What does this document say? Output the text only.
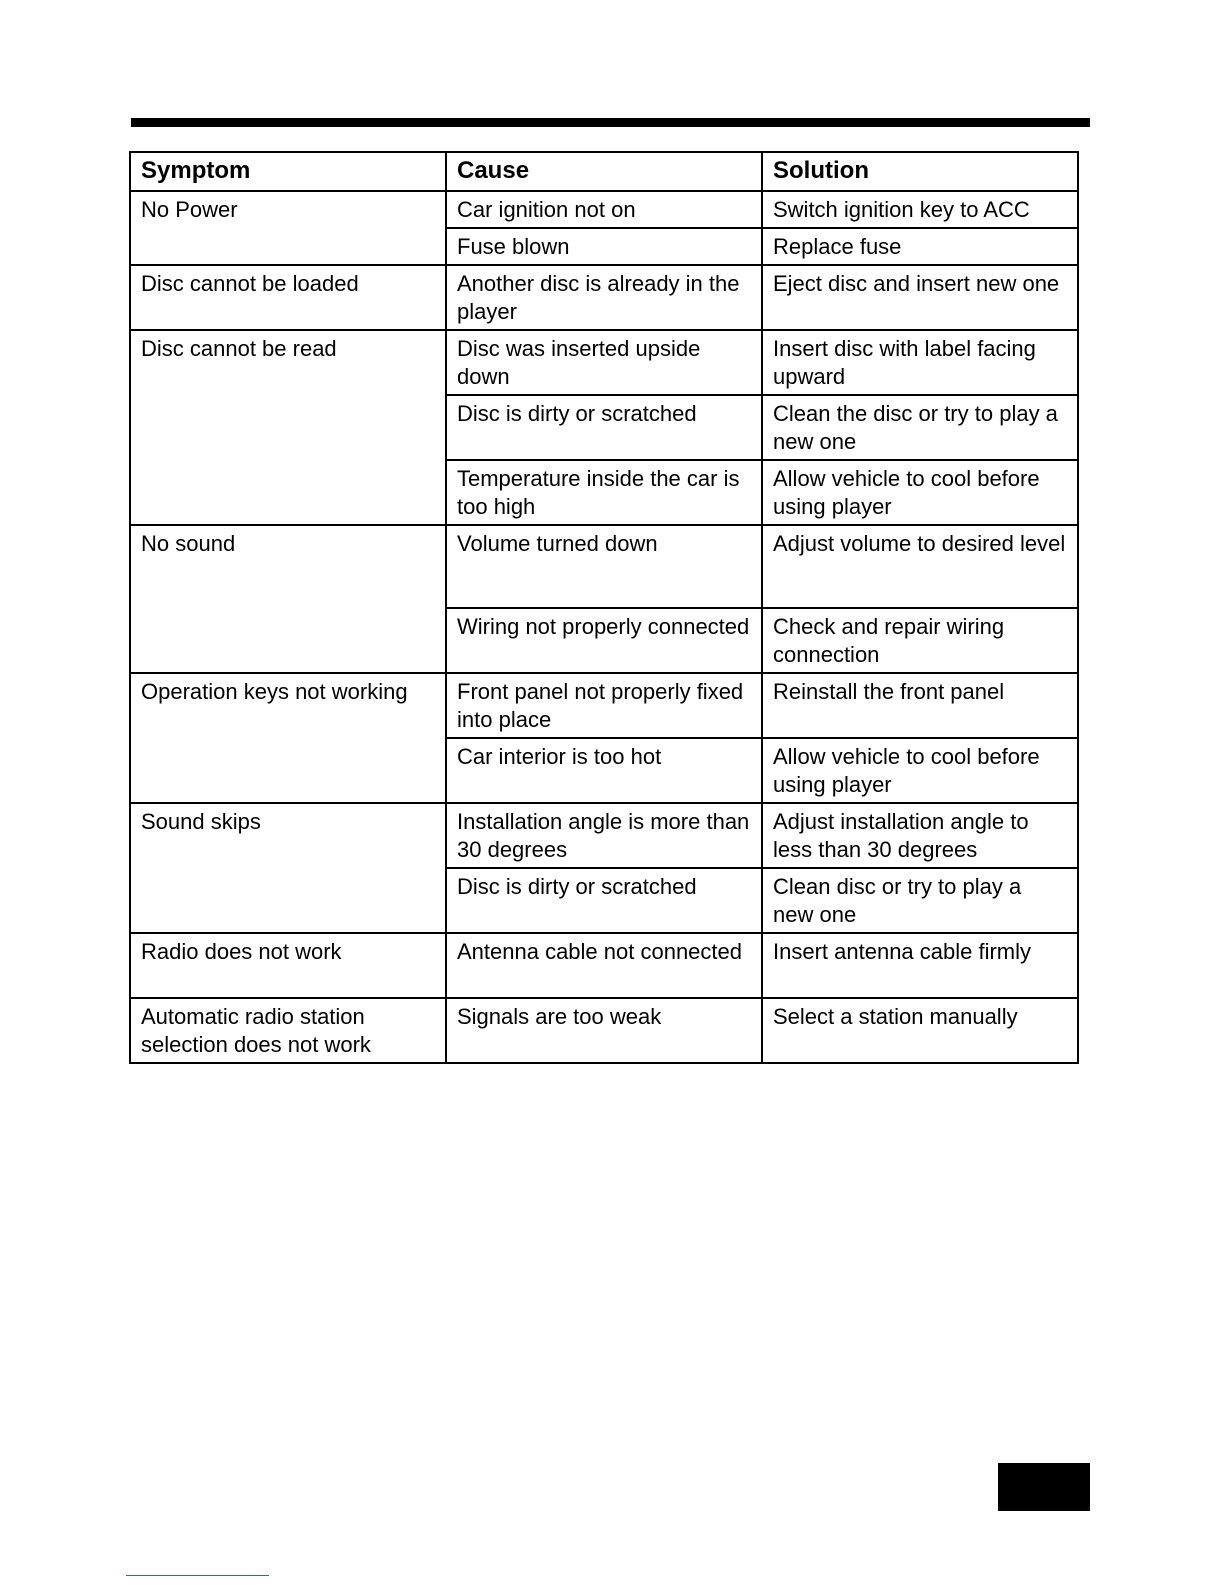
Symptom	Cause	Solution
No Power	Car ignition not on	Switch ignition key to ACC
	Fuse blown	Replace fuse
Disc cannot be loaded	Another disc is already in the player	Eject disc and insert new one
Disc cannot be read	Disc was inserted upside down	Insert disc with label facing upward
	Disc is dirty or scratched	Clean the disc or try to play a new one
	Temperature inside the car is too high	Allow vehicle to cool before using player
No sound	Volume turned down	Adjust volume to desired level
	Wiring not properly connected	Check and repair wiring connection
Operation keys not working	Front panel not properly fixed into place	Reinstall the front panel
	Car interior is too hot	Allow vehicle to cool before using player
Sound skips	Installation angle is more than 30 degrees	Adjust installation angle to less than 30 degrees
	Disc is dirty or scratched	Clean disc or try to play a new one
Radio does not work	Antenna cable not connected	Insert antenna cable firmly
Automatic radio station selection does not work	Signals are too weak	Select a station manually
